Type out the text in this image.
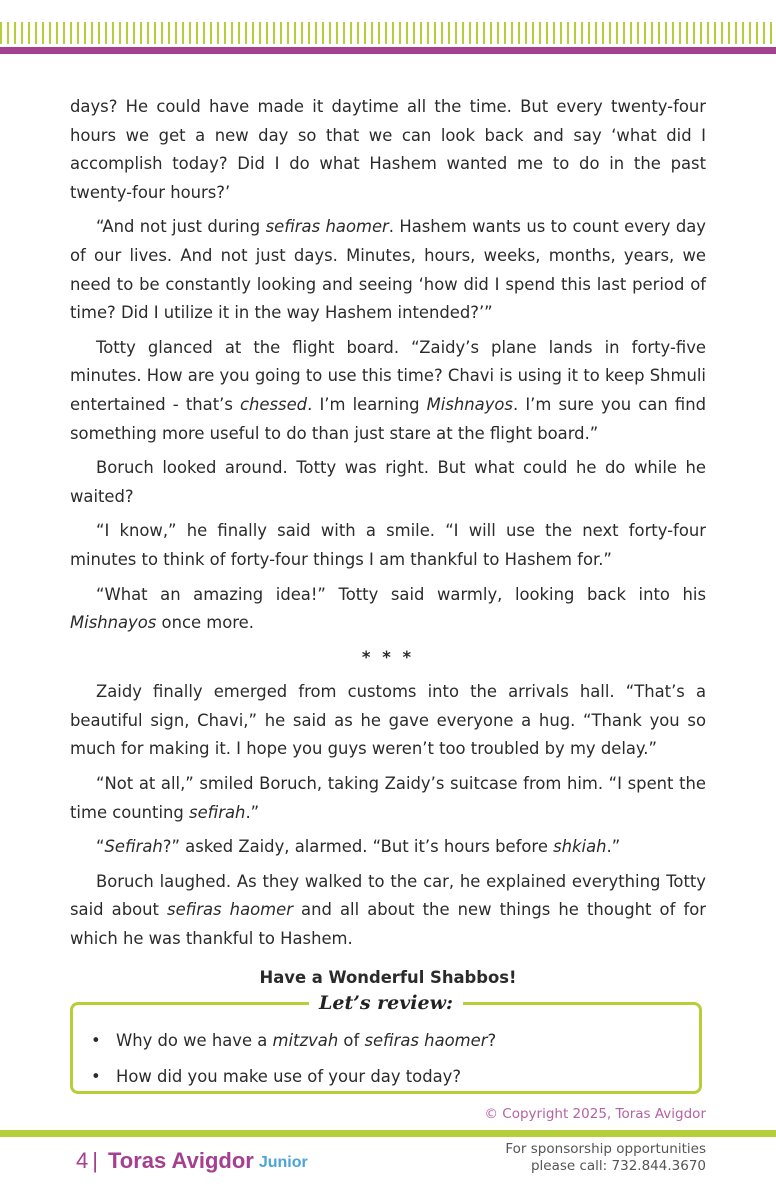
days? He could have made it daytime all the time. But every twenty-four hours we get a new day so that we can look back and say ‘what did I accomplish today? Did I do what Hashem wanted me to do in the past twenty-four hours?’

“And not just during sefiras haomer. Hashem wants us to count every day of our lives. And not just days. Minutes, hours, weeks, months, years, we need to be constantly looking and seeing ‘how did I spend this last period of time? Did I utilize it in the way Hashem intended?’”

Totty glanced at the flight board. “Zaidy’s plane lands in forty-five minutes. How are you going to use this time? Chavi is using it to keep Shmuli entertained - that’s chessed. I’m learning Mishnayos. I’m sure you can find something more useful to do than just stare at the flight board.”

Boruch looked around. Totty was right. But what could he do while he waited?

“I know,” he finally said with a smile. “I will use the next forty-four minutes to think of forty-four things I am thankful to Hashem for.”

“What an amazing idea!” Totty said warmly, looking back into his Mishnayos once more.

* * *

Zaidy finally emerged from customs into the arrivals hall. “That’s a beautiful sign, Chavi,” he said as he gave everyone a hug. “Thank you so much for making it. I hope you guys weren’t too troubled by my delay.”

“Not at all,” smiled Boruch, taking Zaidy’s suitcase from him. “I spent the time counting sefirah.”

“Sefirah?” asked Zaidy, alarmed. “But it’s hours before shkiah.”

Boruch laughed. As they walked to the car, he explained everything Totty said about sefiras haomer and all about the new things he thought of for which he was thankful to Hashem.

Have a Wonderful Shabbos!
Let’s review:
• Why do we have a mitzvah of sefiras haomer?
• How did you make use of your day today?
© Copyright 2025, Toras Avigdor
4 | Toras Avigdor Junior
For sponsorship opportunities
please call: 732.844.3670
